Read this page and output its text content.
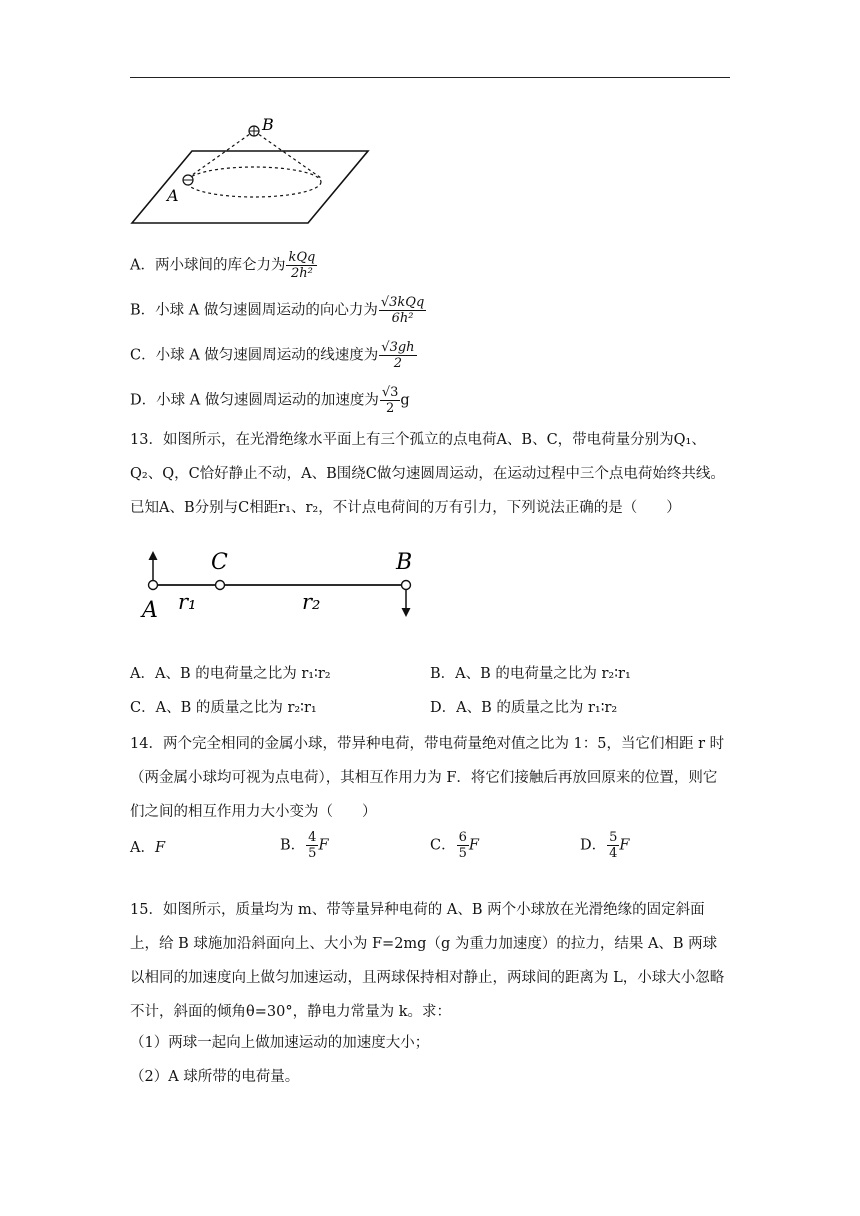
B
A
A．两小球间的库仑力为 $\frac{\text{kQq}}{\text{2h²}}$
B．小球 A 做匀速圆周运动的向心力为 $\frac{\text{√3kQq}}{\text{6h²}}$
C．小球 A 做匀速圆周运动的线速度为 $\frac{√3gh}{2}$
D．小球 A 做匀速圆周运动的加速度为 $\frac{√3}{2}$ g
13．如图所示，在光滑绝缘水平面上有三个孤立的点电荷A、B、C，带电荷量分别为Q₁、Q₂、Q，C恰好静止不动，A、B围绕C做匀速圆周运动，在运动过程中三个点电荷始终共线。已知A、B分别与C相距r₁、r₂，不计点电荷间的万有引力，下列说法正确的是（　　）
A
C	B
r₁	r₂
A．A、B 的电荷量之比为 r₁∶r₂	B．A、B 的电荷量之比为 r₂∶r₁
C．A、B 的质量之比为 r₂∶r₁	D．A、B 的质量之比为 r₁∶r₂
14．两个完全相同的金属小球，带异种电荷，带电荷量绝对值之比为 1：5，当它们相距 r 时（两金属小球均可视为点电荷），其相互作用力为 F．将它们接触后再放回原来的位置，则它们之间的相互作用力大小变为（　　）
A．F	B． $\frac{4}{5}$ F	C． $\frac{6}{5}$ F	D． $\frac{5}{4}$ F
15．如图所示，质量均为 m、带等量异种电荷的 A、B 两个小球放在光滑绝缘的固定斜面上，给 B 球施加沿斜面向上、大小为 F=2mg（g 为重力加速度）的拉力，结果 A、B 两球以相同的加速度向上做匀加速运动，且两球保持相对静止，两球间的距离为 L，小球大小忽略不计，斜面的倾角θ=30°，静电力常量为 k。求：
（1）两球一起向上做加速运动的加速度大小；
（2）A 球所带的电荷量。
